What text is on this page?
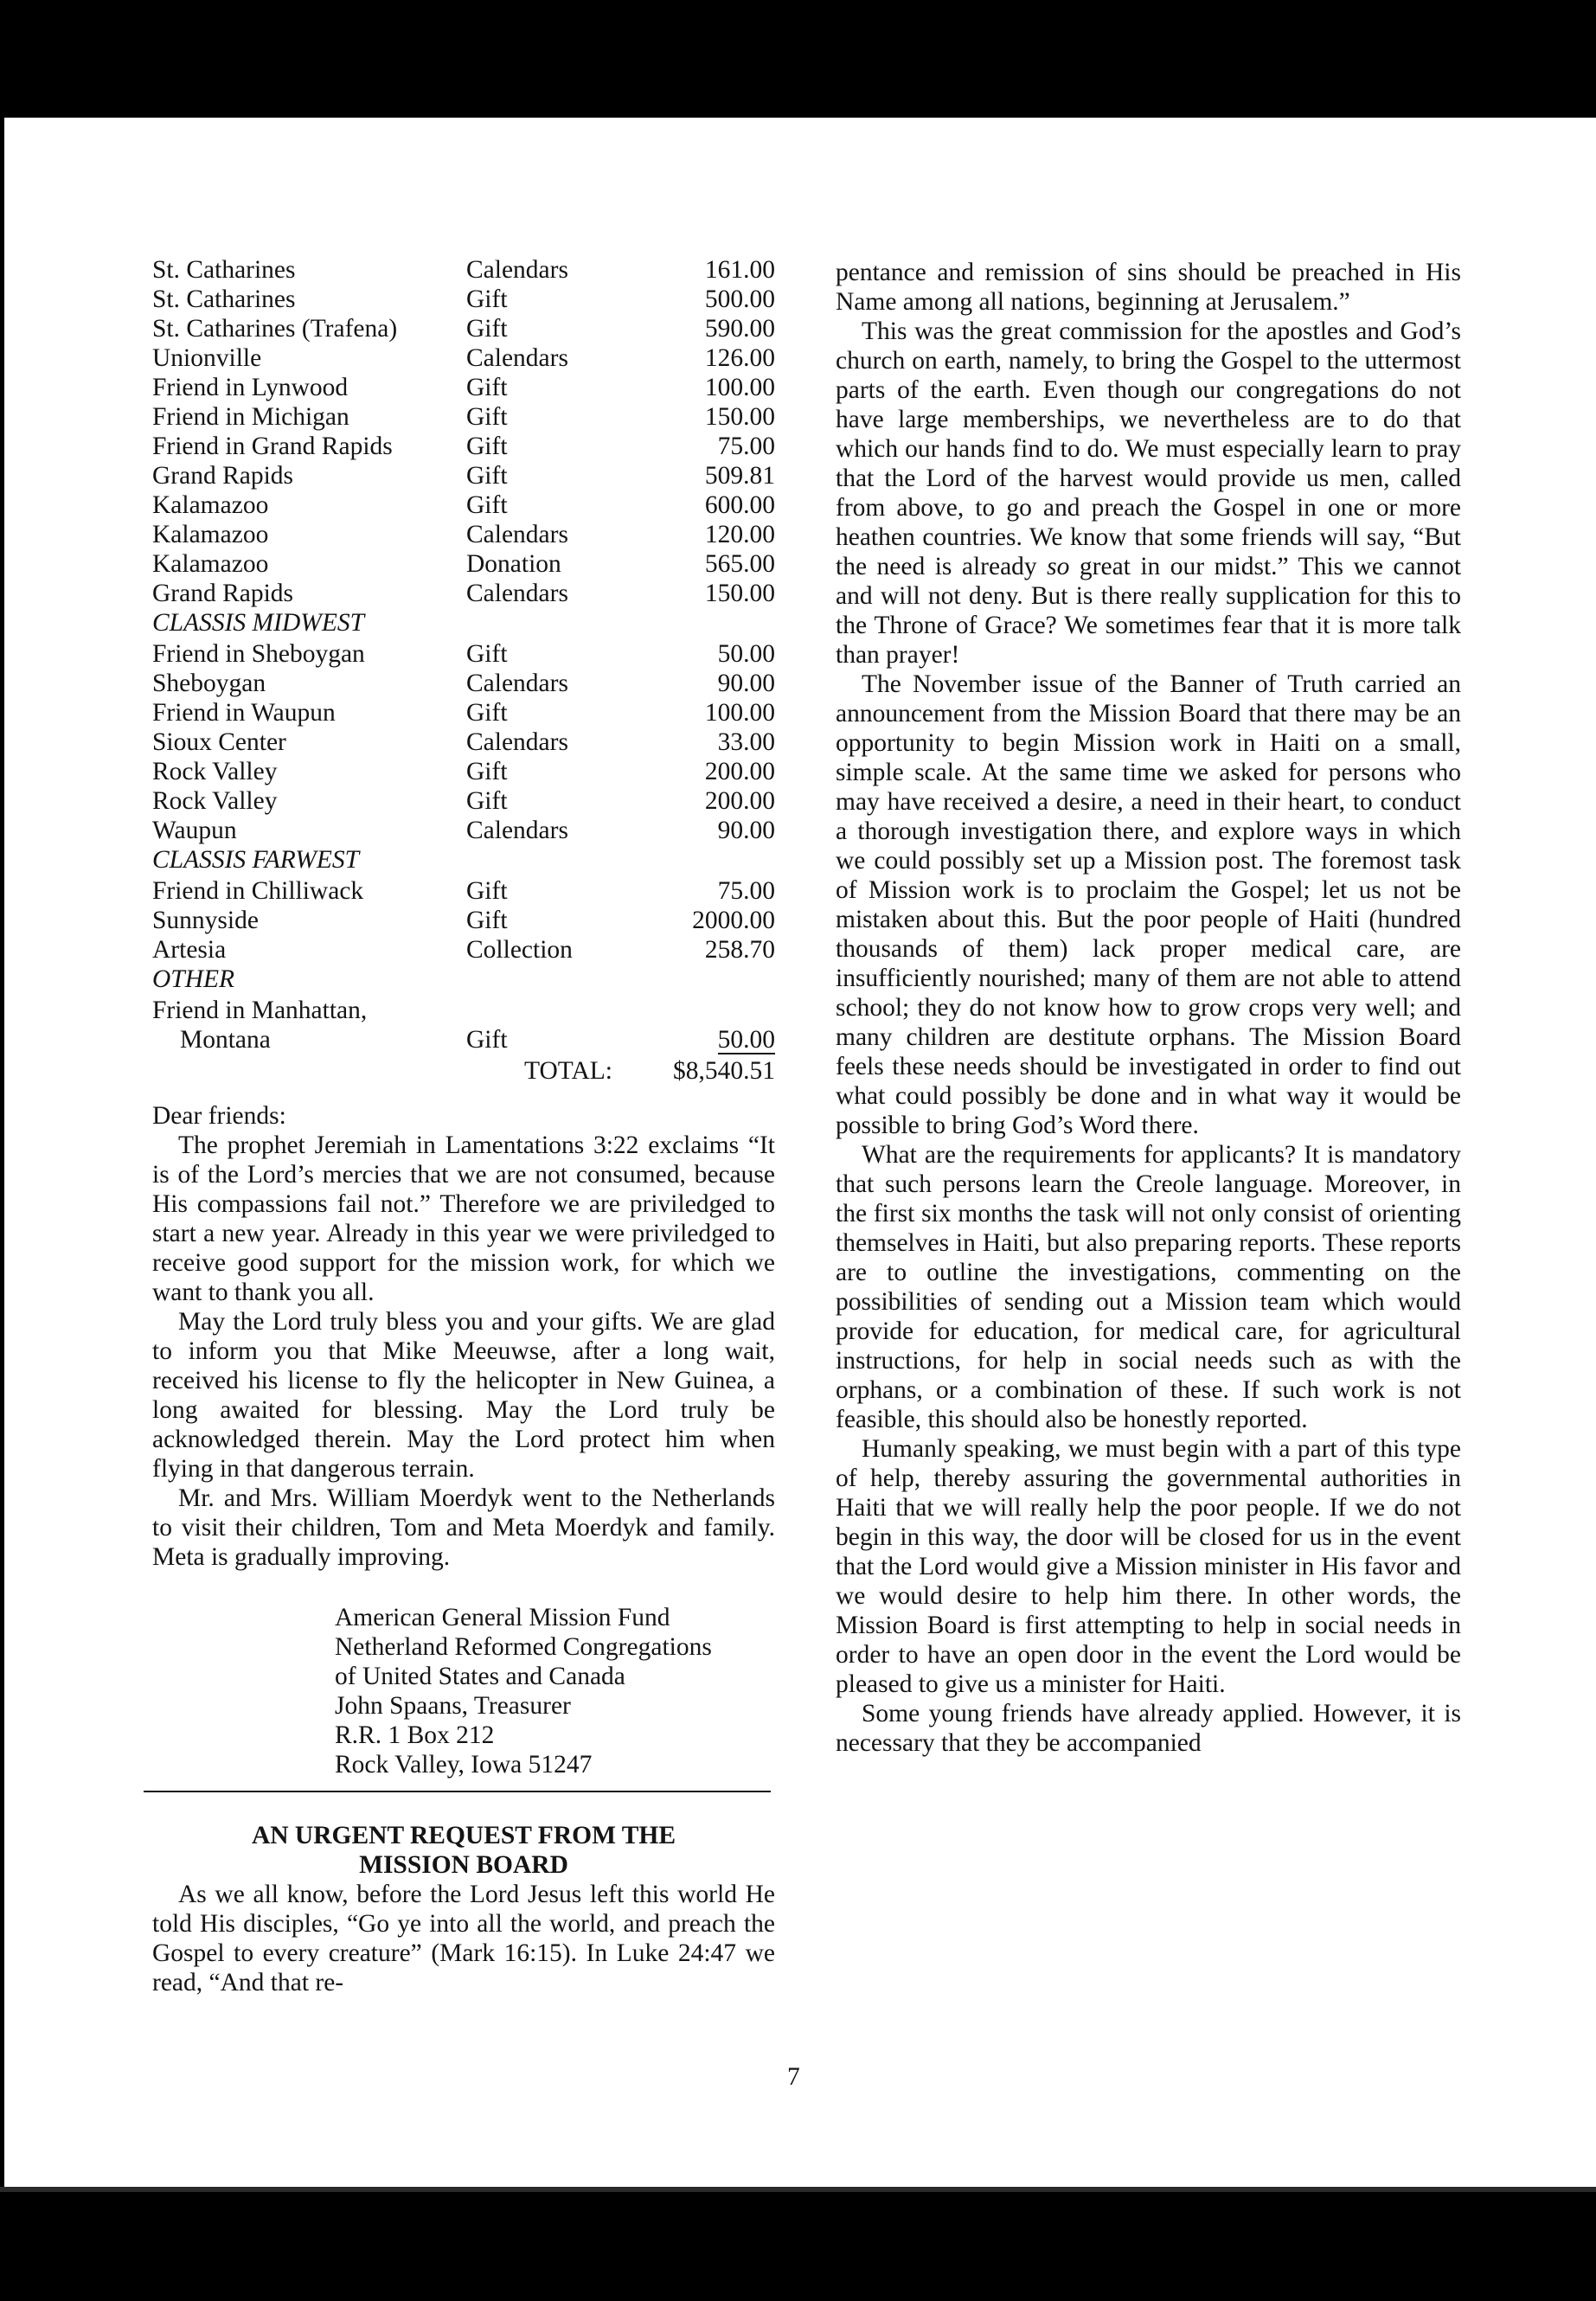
St. Catharines	Calendars	161.00
St. Catharines	Gift	500.00
St. Catharines (Trafena)	Gift	590.00
Unionville	Calendars	126.00
Friend in Lynwood	Gift	100.00
Friend in Michigan	Gift	150.00
Friend in Grand Rapids	Gift	75.00
Grand Rapids	Gift	509.81
Kalamazoo	Gift	600.00
Kalamazoo	Calendars	120.00
Kalamazoo	Donation	565.00
Grand Rapids	Calendars	150.00
CLASSIS MIDWEST
Friend in Sheboygan	Gift	50.00
Sheboygan	Calendars	90.00
Friend in Waupun	Gift	100.00
Sioux Center	Calendars	33.00
Rock Valley	Gift	200.00
Rock Valley	Gift	200.00
Waupun	Calendars	90.00
CLASSIS FARWEST
Friend in Chilliwack	Gift	75.00
Sunnyside	Gift	2000.00
Artesia	Collection	258.70
OTHER
Friend in Manhattan,
Montana	Gift	50.00
TOTAL: $8,540.51

Dear friends:

The prophet Jeremiah in Lamentations 3:22 exclaims “It is of the Lord’s mercies that we are not consumed, because His compassions fail not.” Therefore we are priviledged to start a new year. Already in this year we were priviledged to receive good support for the mission work, for which we want to thank you all.

May the Lord truly bless you and your gifts. We are glad to inform you that Mike Meeuwse, after a long wait, received his license to fly the helicopter in New Guinea, a long awaited for blessing. May the Lord truly be acknowledged therein. May the Lord protect him when flying in that dangerous terrain.

Mr. and Mrs. William Moerdyk went to the Netherlands to visit their children, Tom and Meta Moerdyk and family. Meta is gradually improving.

American General Mission Fund
Netherland Reformed Congregations
of United States and Canada
John Spaans, Treasurer
R.R. 1 Box 212
Rock Valley, Iowa 51247
AN URGENT REQUEST FROM THE
MISSION BOARD

As we all know, before the Lord Jesus left this world He told His disciples, “Go ye into all the world, and preach the Gospel to every creature” (Mark 16:15). In Luke 24:47 we read, “And that re-

pentance and remission of sins should be preached in His Name among all nations, beginning at Jerusalem.”

This was the great commission for the apostles and God’s church on earth, namely, to bring the Gospel to the uttermost parts of the earth. Even though our congregations do not have large memberships, we nevertheless are to do that which our hands find to do. We must especially learn to pray that the Lord of the harvest would provide us men, called from above, to go and preach the Gospel in one or more heathen countries. We know that some friends will say, “But the need is already so great in our midst.” This we cannot and will not deny. But is there really supplication for this to the Throne of Grace? We sometimes fear that it is more talk than prayer!

The November issue of the Banner of Truth carried an announcement from the Mission Board that there may be an opportunity to begin Mission work in Haiti on a small, simple scale. At the same time we asked for persons who may have received a desire, a need in their heart, to conduct a thorough investigation there, and explore ways in which we could possibly set up a Mission post. The foremost task of Mission work is to proclaim the Gospel; let us not be mistaken about this. But the poor people of Haiti (hundred thousands of them) lack proper medical care, are insufficiently nourished; many of them are not able to attend school; they do not know how to grow crops very well; and many children are destitute orphans. The Mission Board feels these needs should be investigated in order to find out what could possibly be done and in what way it would be possible to bring God’s Word there.

What are the requirements for applicants? It is mandatory that such persons learn the Creole language. Moreover, in the first six months the task will not only consist of orienting themselves in Haiti, but also preparing reports. These reports are to outline the investigations, commenting on the possibilities of sending out a Mission team which would provide for education, for medical care, for agricultural instructions, for help in social needs such as with the orphans, or a combination of these. If such work is not feasible, this should also be honestly reported.

Humanly speaking, we must begin with a part of this type of help, thereby assuring the governmental authorities in Haiti that we will really help the poor people. If we do not begin in this way, the door will be closed for us in the event that the Lord would give a Mission minister in His favor and we would desire to help him there. In other words, the Mission Board is first attempting to help in social needs in order to have an open door in the event the Lord would be pleased to give us a minister for Haiti.

Some young friends have already applied. However, it is necessary that they be accompanied

7
